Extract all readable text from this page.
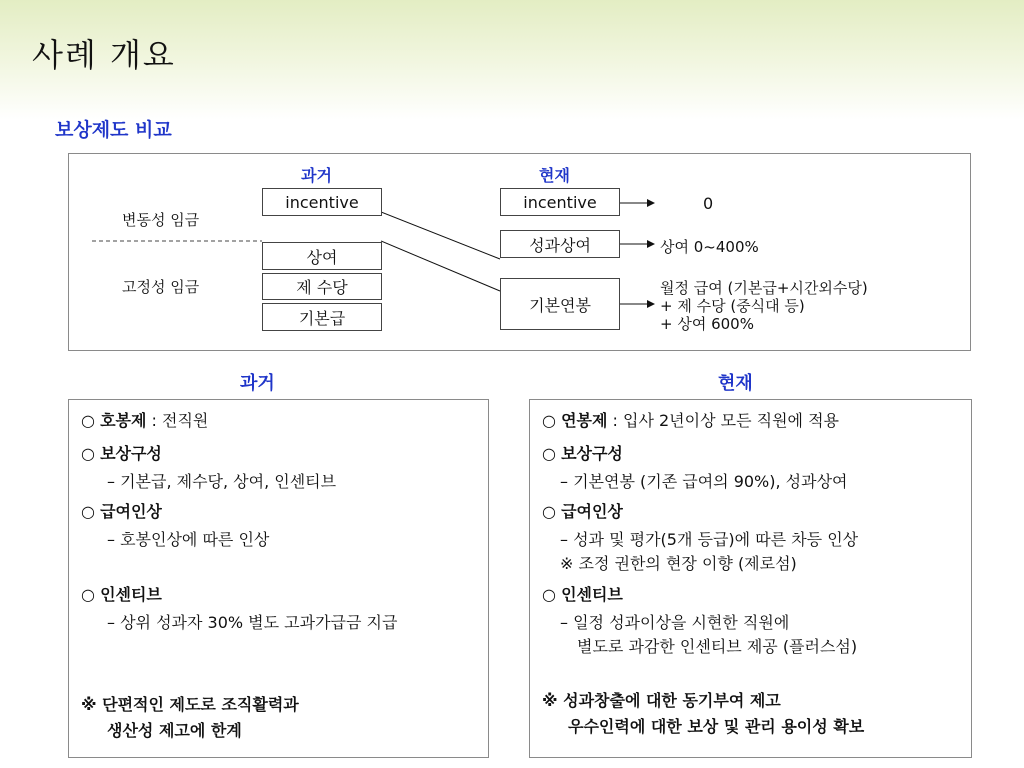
사례 개요
보상제도 비교
과거	현재
변동성 임금
고정성 임금
incentive
상여
제 수당
기본급
incentive
성과상여
기본연봉
0
상여 0~400%
월정 급여 (기본급+시간외수당)
+ 제 수당 (중식대 등)
+ 상여 600%
과거	현재
○ 호봉제 : 전직원
○ 보상구성
– 기본급, 제수당, 상여, 인센티브
○ 급여인상
– 호봉인상에 따른 인상
○ 인센티브
– 상위 성과자 30% 별도 고과가급금 지급
※ 단편적인 제도로 조직활력과
생산성 제고에 한계
○ 연봉제 : 입사 2년이상 모든 직원에 적용
○ 보상구성
– 기본연봉 (기존 급여의 90%), 성과상여
○ 급여인상
– 성과 및 평가(5개 등급)에 따른 차등 인상
※ 조정 권한의 현장 이향 (제로섬)
○ 인센티브
– 일정 성과이상을 시현한 직원에
별도로 과감한 인센티브 제공 (플러스섬)
※ 성과창출에 대한 동기부여 제고
우수인력에 대한 보상 및 관리 용이성 확보
